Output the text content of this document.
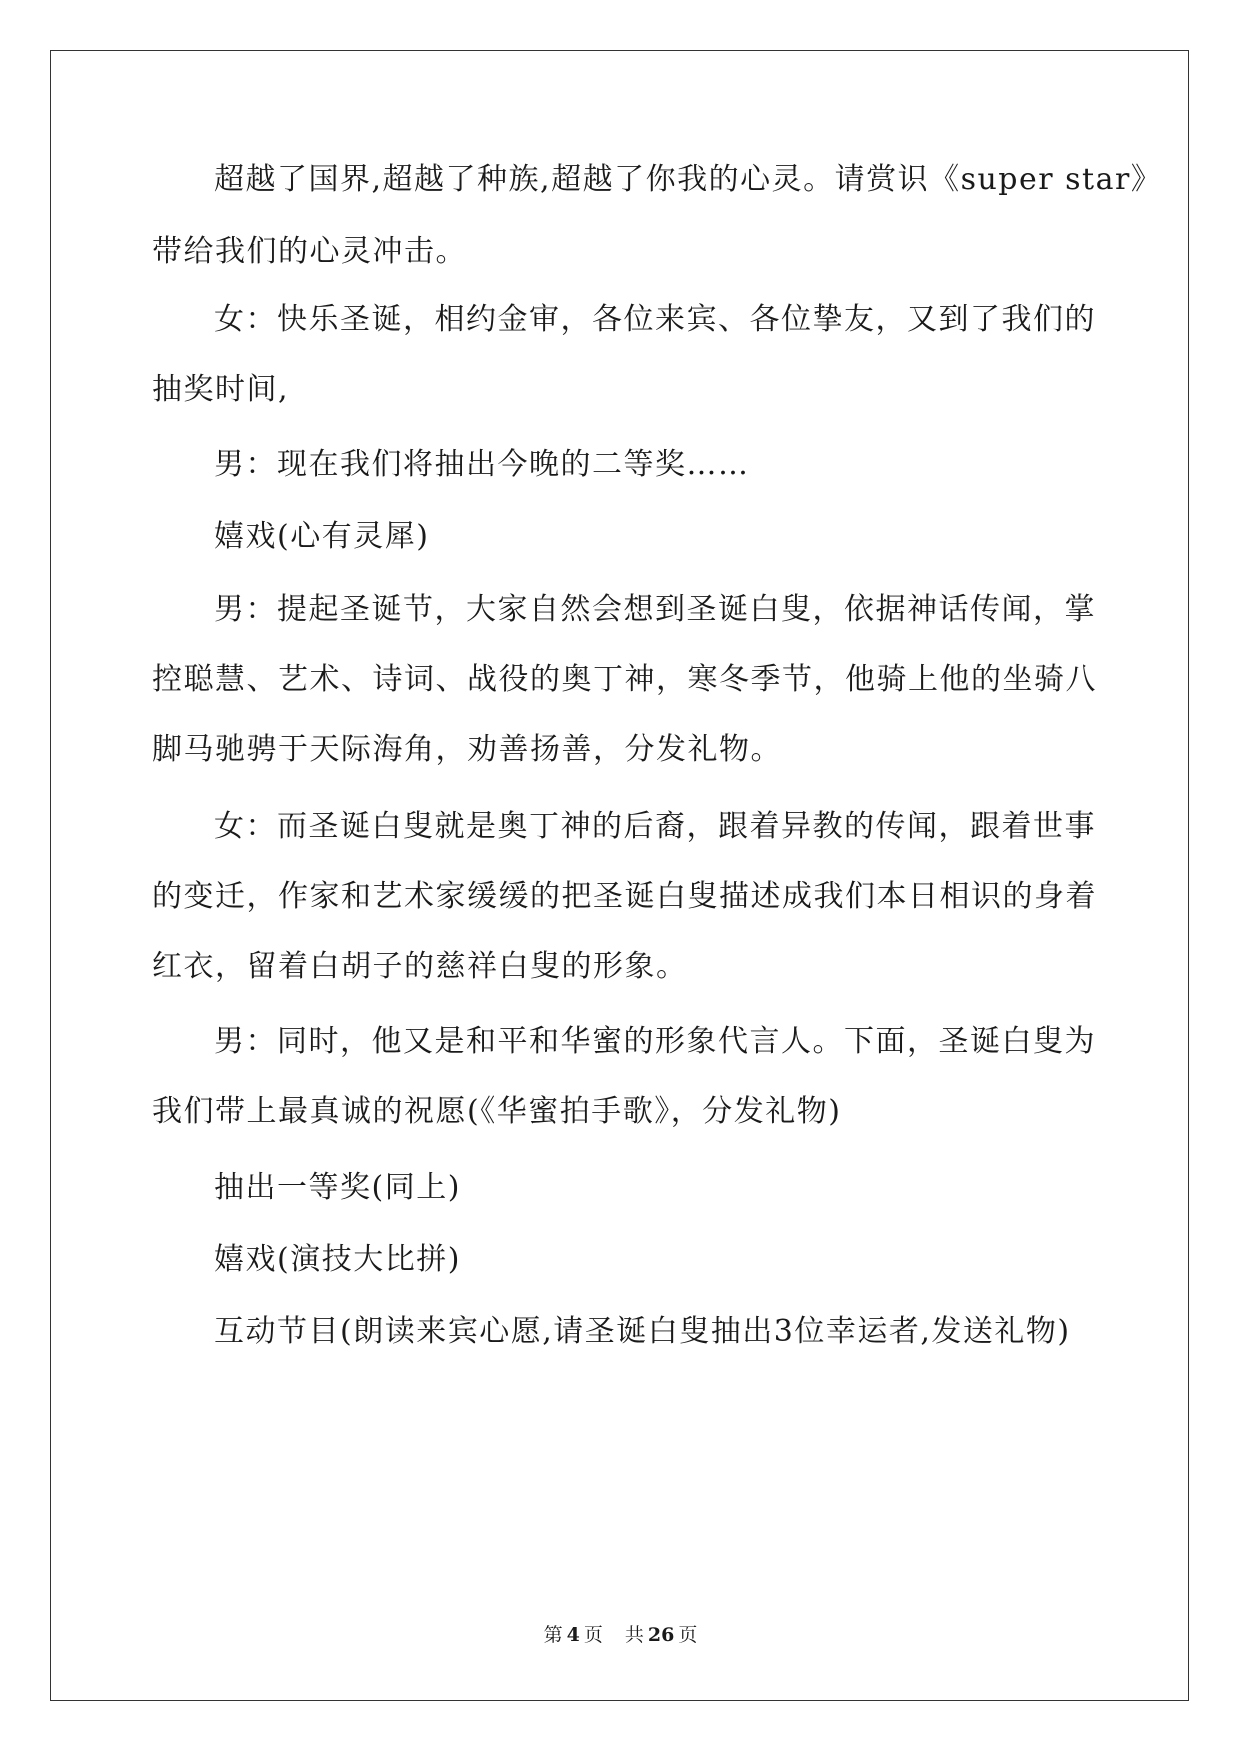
超越了国界,超越了种族,超越了你我的心灵。请赏识《super star》
带给我们的心灵冲击。
女：快乐圣诞，相约金审，各位来宾、各位挚友，又到了我们的
抽奖时间,
男：现在我们将抽出今晚的二等奖……
嬉戏(心有灵犀)
男：提起圣诞节，大家自然会想到圣诞白叟，依据神话传闻，掌
控聪慧、艺术、诗词、战役的奥丁神，寒冬季节，他骑上他的坐骑八
脚马驰骋于天际海角，劝善扬善，分发礼物。
女：而圣诞白叟就是奥丁神的后裔，跟着异教的传闻，跟着世事
的变迁，作家和艺术家缓缓的把圣诞白叟描述成我们本日相识的身着
红衣，留着白胡子的慈祥白叟的形象。
男：同时，他又是和平和华蜜的形象代言人。下面，圣诞白叟为
我们带上最真诚的祝愿(《华蜜拍手歌》，分发礼物)
抽出一等奖(同上)
嬉戏(演技大比拼)
互动节目(朗读来宾心愿,请圣诞白叟抽出3位幸运者,发送礼物)
第 4 页 共 26 页
